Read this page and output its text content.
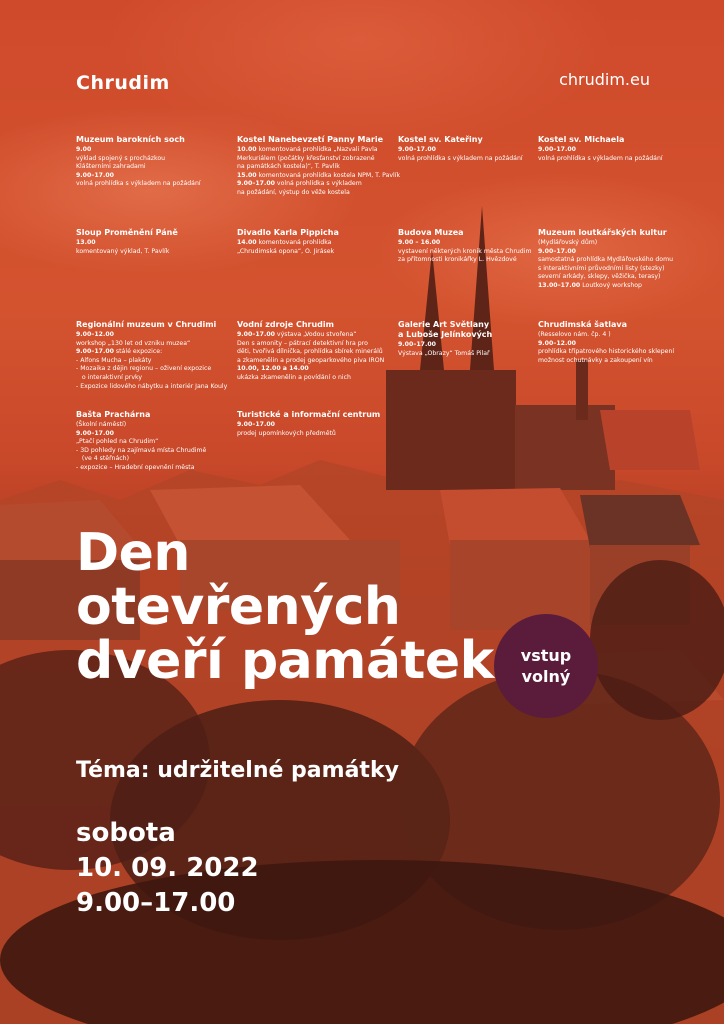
Chrudim	chrudim.eu
Muzeum barokních soch
9.00
výklad spojený s procházkou
Klášterními zahradami
9.00–17.00
volná prohlídka s výkladem na požádání
Kostel Nanebevzetí Panny Marie
10.00 komentovaná prohlídka „Nazvali Pavla
Merkuriálem (počátky křesťanství zobrazené
na památkách kostela)“, T. Pavlík
15.00 komentovaná prohlídka kostela NPM, T. Pavlík
9.00–17.00 volná prohlídka s výkladem
na požádání, výstup do věže kostela
Kostel sv. Kateřiny
9.00–17.00
volná prohlídka s výkladem na požádání
Kostel sv. Michaela
9.00–17.00
volná prohlídka s výkladem na požádání
Sloup Proměnění Páně
13.00
komentovaný výklad, T. Pavlík
Divadlo Karla Pippicha
14.00 komentovaná prohlídka
„Chrudimská opona“, O. Jirásek
Budova Muzea
9.00 – 16.00
vystavení některých kronik města Chrudim
za přítomnosti kronikářky L. Hvězdové
Muzeum loutkářských kultur
(Mydlářovský dům)
9.00–17.00
samostatná prohlídka Mydlářovského domu
s interaktivními průvodními listy (stezky)
severní arkády, sklepy, věžička, terasy)
13.00–17.00 Loutkový workshop
Regionální muzeum v Chrudimi
9.00–12.00
workshop „130 let od vzniku muzea“
9.00–17.00 stálé expozice:
- Alfons Mucha – plakáty
- Mozaika z dějin regionu – oživení expozice
o interaktivní prvky
- Expozice lidového nábytku a interiér Jana Kouly
Vodní zdroje Chrudim
9.00–17.00 výstava „Vodou stvořena“
Den s amonity – pátrací detektivní hra pro
děti, tvořivá dílnička, prohlídka sbírek minerálů
a zkamenělin a prodej geoparkového piva IRON
10.00, 12.00 a 14.00
ukázka zkamenělin a povídání o nich
Galerie Art Světlany
a Luboše Jelínkových
9.00–17.00
Výstava „Obrazy“ Tomáš Pilař
Chrudimská šatlava
(Resselovo nám. čp. 4 )
9.00–12.00
prohlídka třípatrového historického sklepení
možnost ochutnávky a zakoupení vín
Bašta Prachárna
(Školní náměstí)
9.00–17.00
„Ptačí pohled na Chrudim“
- 3D pohledy na zajímavá místa Chrudimě
(ve 4 stěřnách)
- expozice – Hradební opevnění města
Turistické a informační centrum
9.00–17.00
prodej upomínkových předmětů
Den
otevřených
dveří památek vstup
volný
Téma: udržitelné památky
sobota
10. 09. 2022
9.00–17.00
